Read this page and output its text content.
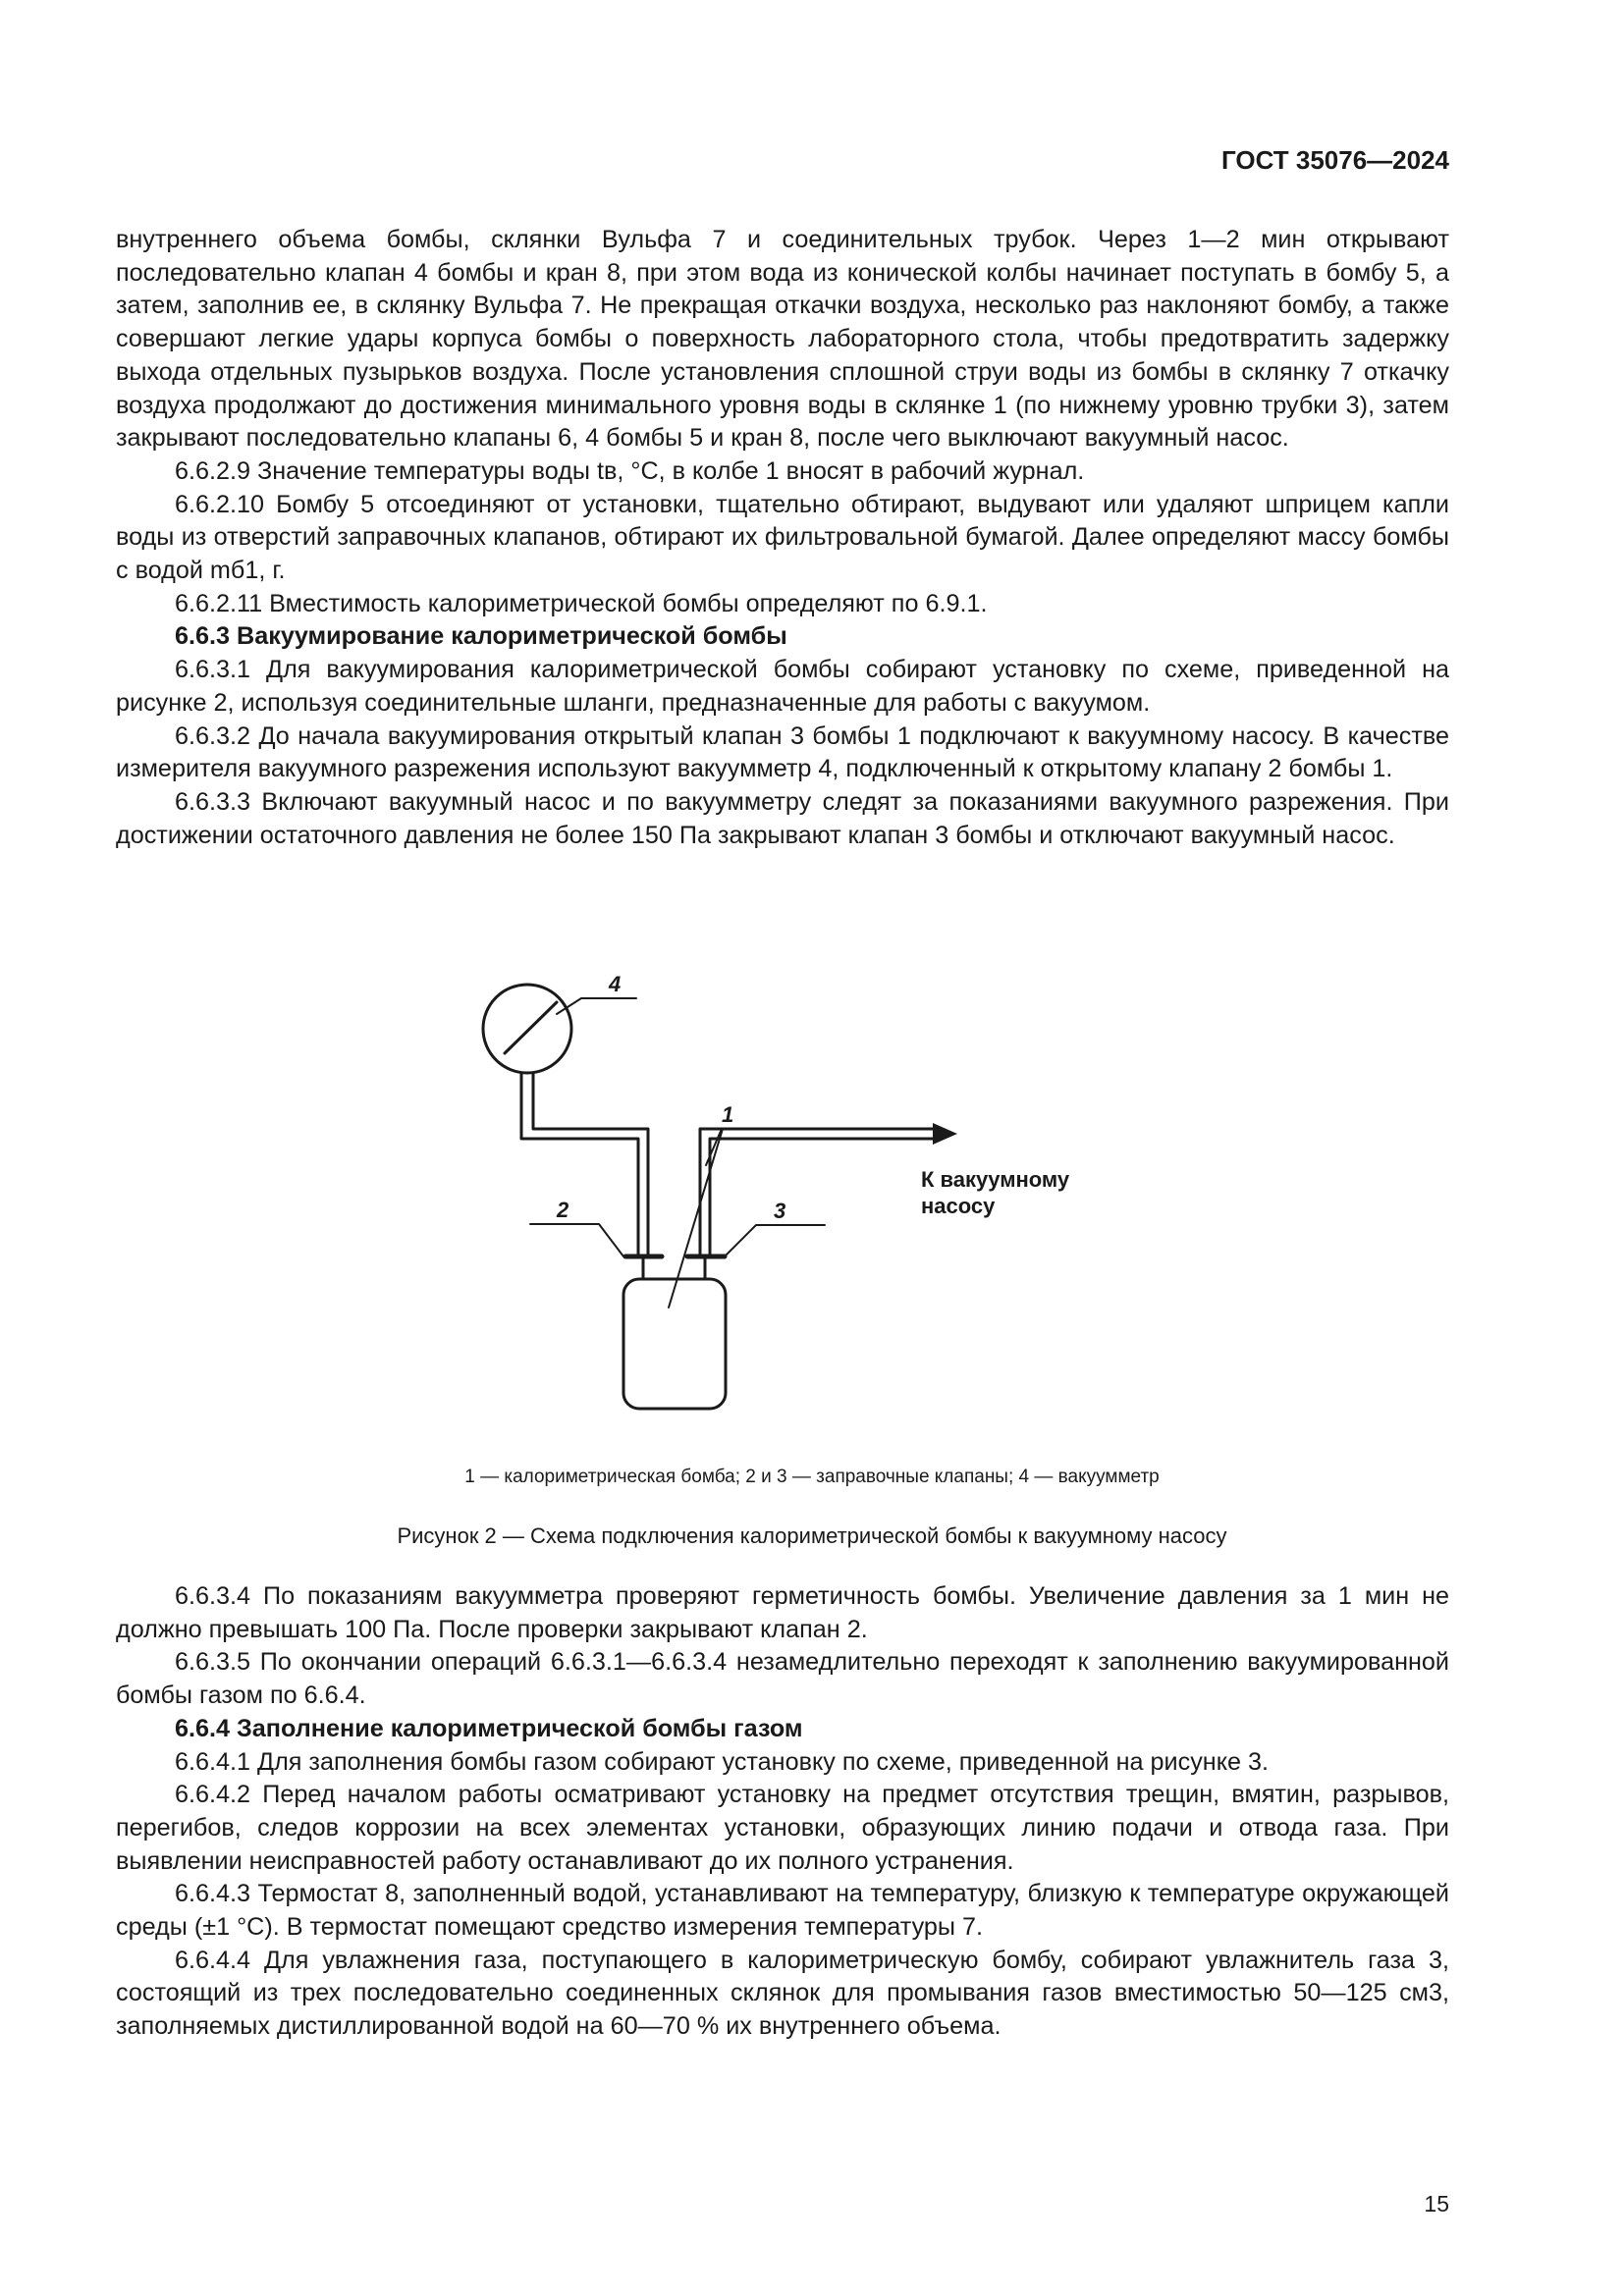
ГОСТ 35076—2024

внутреннего объема бомбы, склянки Вульфа 7 и соединительных трубок. Через 1—2 мин открывают последовательно клапан 4 бомбы и кран 8, при этом вода из конической колбы начинает поступать в бомбу 5, а затем, заполнив ее, в склянку Вульфа 7. Не прекращая откачки воздуха, несколько раз наклоняют бомбу, а также совершают легкие удары корпуса бомбы о поверхность лабораторного стола, чтобы предотвратить задержку выхода отдельных пузырьков воздуха. После установления сплошной струи воды из бомбы в склянку 7 откачку воздуха продолжают до достижения минимального уровня воды в склянке 1 (по нижнему уровню трубки 3), затем закрывают последовательно клапаны 6, 4 бомбы 5 и кран 8, после чего выключают вакуумный насос.

6.6.2.9 Значение температуры воды tв, °С, в колбе 1 вносят в рабочий журнал.

6.6.2.10 Бомбу 5 отсоединяют от установки, тщательно обтирают, выдувают или удаляют шприцем капли воды из отверстий заправочных клапанов, обтирают их фильтровальной бумагой. Далее определяют массу бомбы с водой mб1, г.

6.6.2.11 Вместимость калориметрической бомбы определяют по 6.9.1.

6.6.3 Вакуумирование калориметрической бомбы

6.6.3.1 Для вакуумирования калориметрической бомбы собирают установку по схеме, приведенной на рисунке 2, используя соединительные шланги, предназначенные для работы с вакуумом.

6.6.3.2 До начала вакуумирования открытый клапан 3 бомбы 1 подключают к вакуумному насосу. В качестве измерителя вакуумного разрежения используют вакуумметр 4, подключенный к открытому клапану 2 бомбы 1.

6.6.3.3 Включают вакуумный насос и по вакуумметру следят за показаниями вакуумного разрежения. При достижении остаточного давления не более 150 Па закрывают клапан 3 бомбы и отключают вакуумный насос.

4
1
2	3
К вакуумному
насосу
1 — калориметрическая бомба; 2 и 3 — заправочные клапаны; 4 — вакуумметр
Рисунок 2 — Схема подключения калориметрической бомбы к вакуумному насосу

6.6.3.4 По показаниям вакуумметра проверяют герметичность бомбы. Увеличение давления за 1 мин не должно превышать 100 Па. После проверки закрывают клапан 2.

6.6.3.5 По окончании операций 6.6.3.1—6.6.3.4 незамедлительно переходят к заполнению вакуумированной бомбы газом по 6.6.4.

6.6.4 Заполнение калориметрической бомбы газом

6.6.4.1 Для заполнения бомбы газом собирают установку по схеме, приведенной на рисунке 3.

6.6.4.2 Перед началом работы осматривают установку на предмет отсутствия трещин, вмятин, разрывов, перегибов, следов коррозии на всех элементах установки, образующих линию подачи и отвода газа. При выявлении неисправностей работу останавливают до их полного устранения.

6.6.4.3 Термостат 8, заполненный водой, устанавливают на температуру, близкую к температуре окружающей среды (±1 °С). В термостат помещают средство измерения температуры 7.

6.6.4.4 Для увлажнения газа, поступающего в калориметрическую бомбу, собирают увлажнитель газа 3, состоящий из трех последовательно соединенных склянок для промывания газов вместимостью 50—125 см3, заполняемых дистиллированной водой на 60—70 % их внутреннего объема.

15
